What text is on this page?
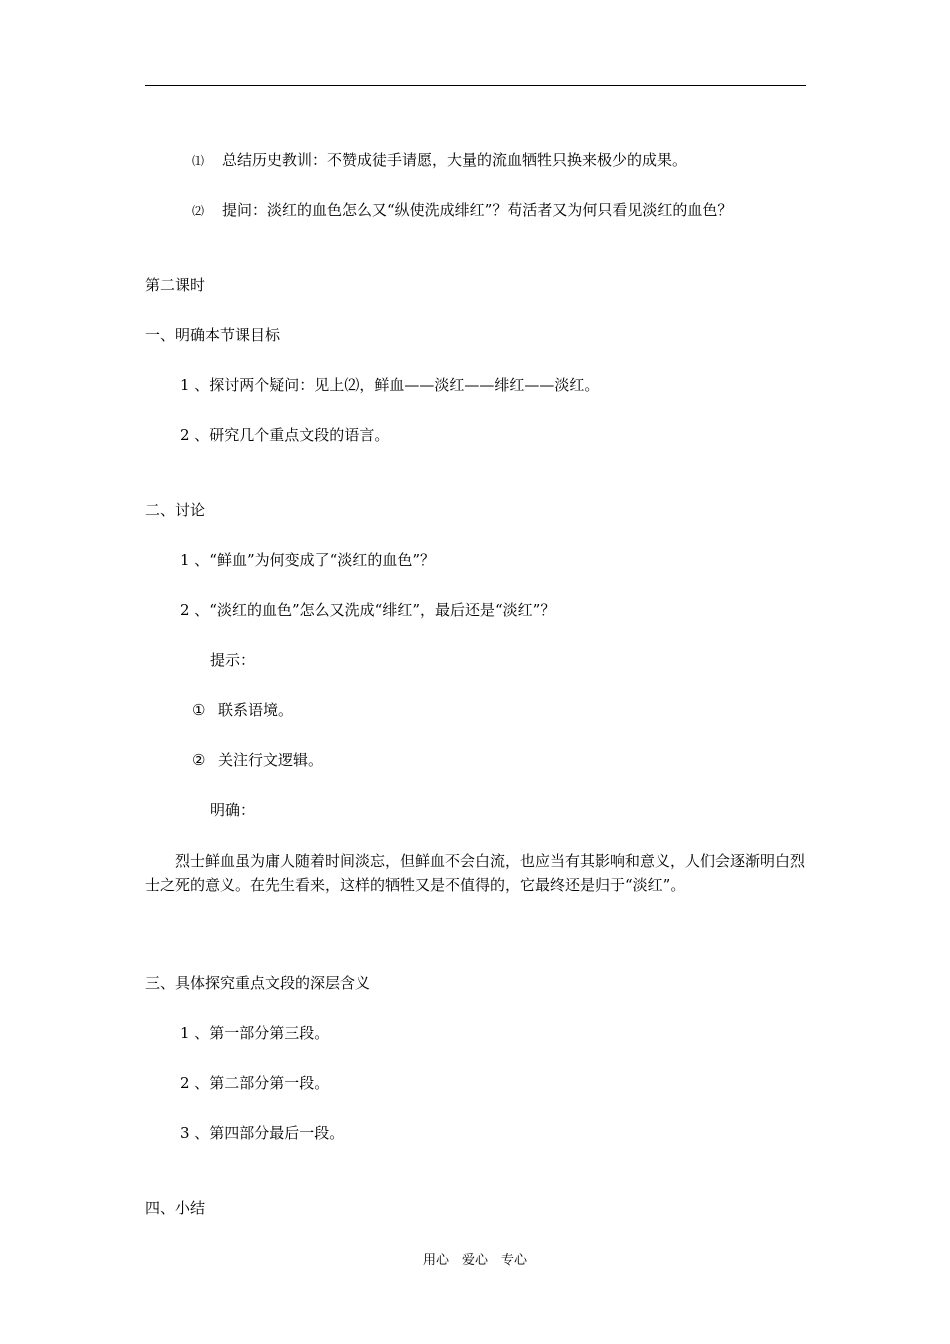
⑴ 总结历史教训：不赞成徒手请愿，大量的流血牺牲只换来极少的成果。
⑵ 提问：淡红的血色怎么又“纵使洗成绯红”？苟活者又为何只看见淡红的血色？
第二课时
一、明确本节课目标
1 、探讨两个疑问：见上⑵，鲜血——淡红——绯红——淡红。
2 、研究几个重点文段的语言。
二、讨论
1 、“鲜血”为何变成了“淡红的血色”？
2 、“淡红的血色”怎么又洗成“绯红”，最后还是“淡红”？
提示：
① 联系语境。
② 关注行文逻辑。
明确：
烈士鲜血虽为庸人随着时间淡忘，但鲜血不会白流，也应当有其影响和意义，人们会逐渐明白烈士之死的意义。在先生看来，这样的牺牲又是不值得的，它最终还是归于“淡红”。
三、具体探究重点文段的深层含义
1 、第一部分第三段。
2 、第二部分第一段。
3 、第四部分最后一段。
四、小结
用心　爱心　专心
